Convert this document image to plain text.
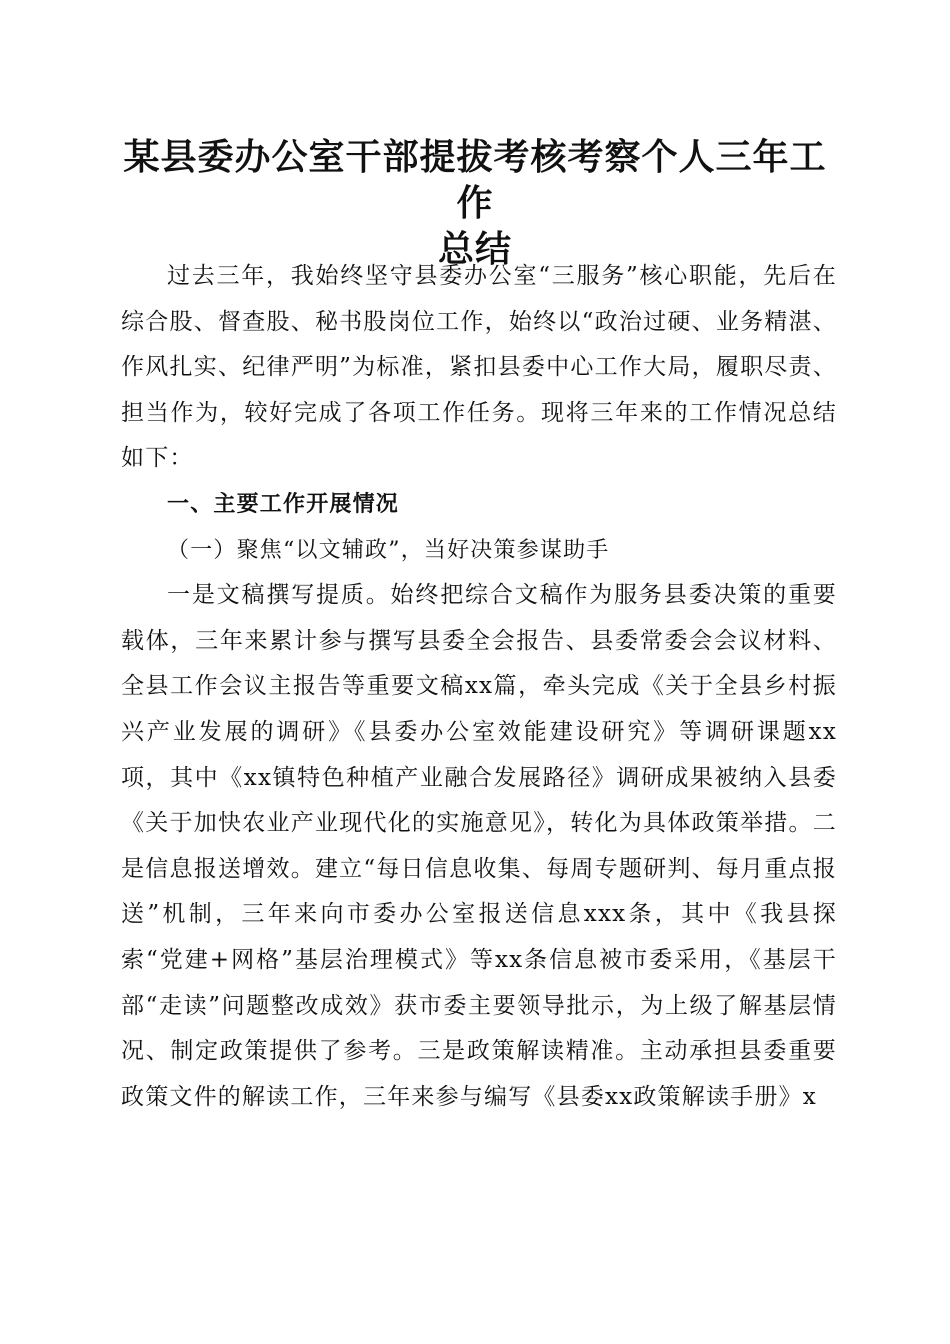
某县委办公室干部提拔考核考察个人三年工作
总结

过去三年，我始终坚守县委办公室“三服务”核心职能，先后在综合股、督查股、秘书股岗位工作，始终以“政治过硬、业务精湛、作风扎实、纪律严明”为标准，紧扣县委中心工作大局，履职尽责、担当作为，较好完成了各项工作任务。现将三年来的工作情况总结如下：

一、主要工作开展情况

（一）聚焦“以文辅政”，当好决策参谋助手

一是文稿撰写提质。始终把综合文稿作为服务县委决策的重要载体，三年来累计参与撰写县委全会报告、县委常委会会议材料、全县工作会议主报告等重要文稿xx篇，牵头完成《关于全县乡村振兴产业发展的调研》《县委办公室效能建设研究》等调研课题xx项，其中《xx镇特色种植产业融合发展路径》调研成果被纳入县委《关于加快农业产业现代化的实施意见》，转化为具体政策举措。二是信息报送增效。建立“每日信息收集、每周专题研判、每月重点报送”机制，三年来向市委办公室报送信息xxx条，其中《我县探索“党建+网格”基层治理模式》等xx条信息被市委采用，《基层干部“走读”问题整改成效》获市委主要领导批示，为上级了解基层情况、制定政策提供了参考。三是政策解读精准。主动承担县委重要政策文件的解读工作，三年来参与编写《县委xx政策解读手册》x
